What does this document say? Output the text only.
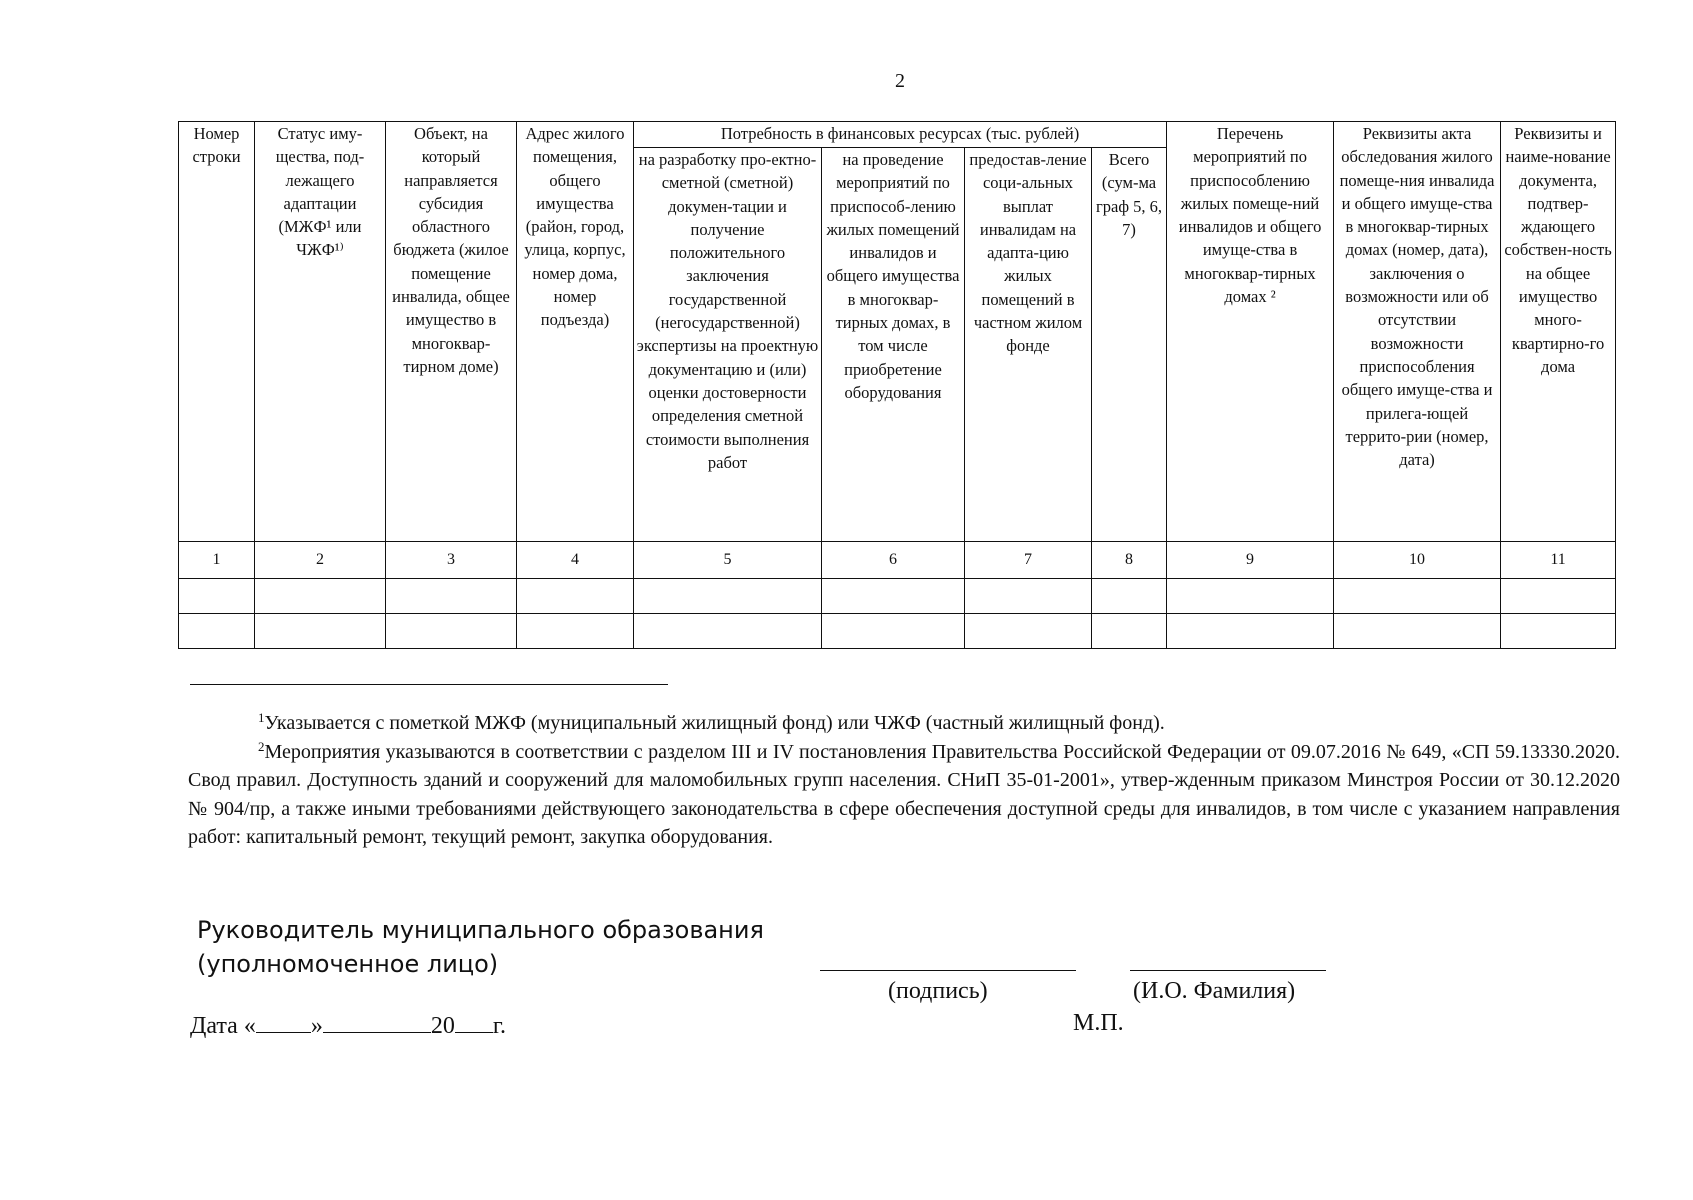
2
Номер строки	Статус иму-щества, под-лежащего адаптации (МЖФ¹ или ЧЖФ¹⁾	Объект, на который направляется субсидия областного бюджета (жилое помещение инвалида, общее имущество в многоквар-тирном доме)	Адрес жилого помещения, общего имущества (район, город, улица, корпус, номер дома, номер подъезда)	Потребность в финансовых ресурсах (тыс. рублей)				Перечень мероприятий по приспособлению жилых помеще-ний инвалидов и общего имуще-ства в многоквар-тирных домах ²	Реквизиты акта обследования жилого помеще-ния инвалида и общего имуще-ства в многоквар-тирных домах (номер, дата), заключения о возможности или об отсутствии возможности приспособления общего имуще-ства и прилега-ющей террито-рии (номер, дата)	Реквизиты и наиме-нование документа, подтвер-ждающего собствен-ность на общее имущество много-квартирно-го дома

				на разработку про-ектно-сметной (сметной) докумен-тации и получение положительного заключения государственной (негосударственной) экспертизы на проектную документацию и (или) оценки достоверности определения сметной стоимости выполнения работ	на проведение мероприятий по приспособ-лению жилых помещений инвалидов и общего имущества в многоквар-тирных домах, в том числе приобретение оборудования	предостав-ление соци-альных выплат инвалидам на адапта-цию жилых помещений в частном жилом фонде	Всего (сум-ма граф 5, 6, 7)			

1	2	3	4	5	6	7	8	9	10	11

$^1$Указывается с пометкой МЖФ (муниципальный жилищный фонд) или ЧЖФ (частный жилищный фонд).

$^2$Мероприятия указываются в соответствии с разделом III и IV постановления Правительства Российской Федерации от 09.07.2016 № 649, «СП 59.13330.2020. Свод правил. Доступность зданий и сооружений для маломобильных групп населения. СНиП 35-01-2001», утвер-жденным приказом Минстроя России от 30.12.2020 № 904/пр, а также иными требованиями действующего законодательства в сфере обеспечения доступной среды для инвалидов, в том числе с указанием направления работ: капитальный ремонт, текущий ремонт, закупка оборудования.

Руководитель муниципального образования
(уполномоченное лицо)
(подпись)	(И.О. Фамилия)
М.П.
Дата « »	20 г.
